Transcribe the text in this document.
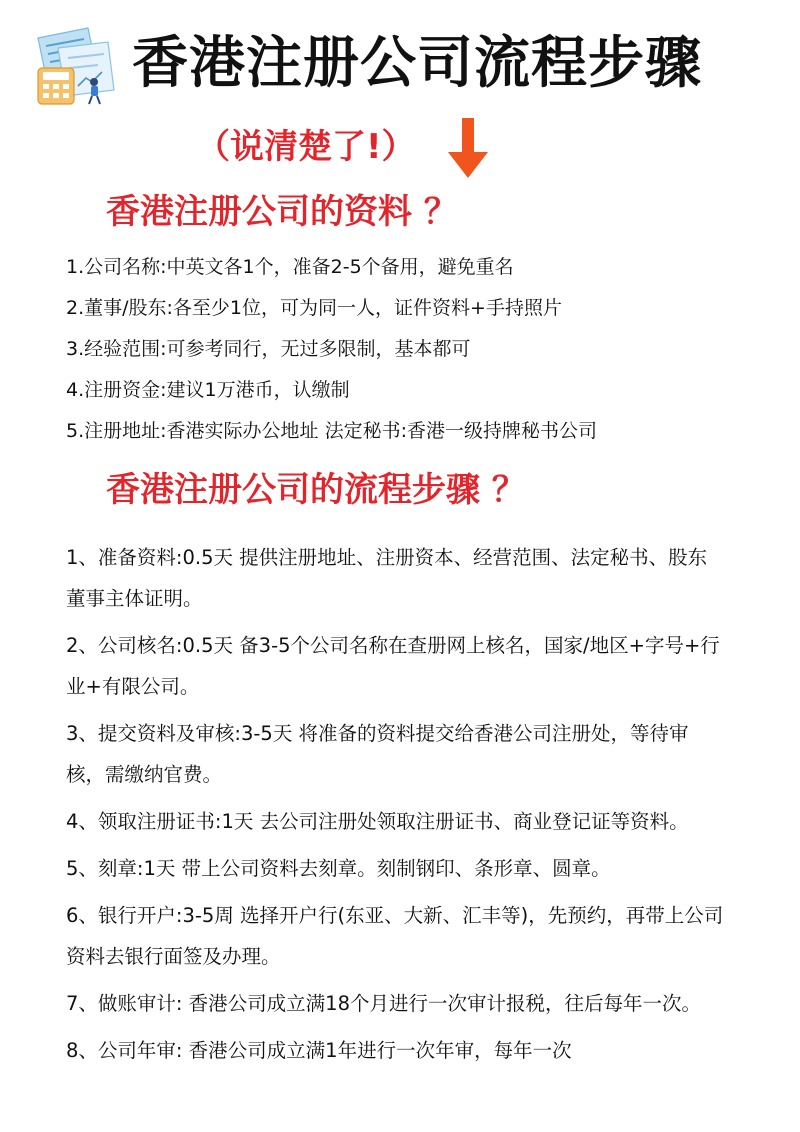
香港注册公司流程步骤

（说清楚了!）

香港注册公司的资料 ？
1.公司名称:中英文各1个，准备2-5个备用，避免重名
2.董事/股东:各至少1位，可为同一人，证件资料+手持照片
3.经验范围:可参考同行，无过多限制，基本都可
4.注册资金:建议1万港币，认缴制
5.注册地址:香港实际办公地址 法定秘书:香港一级持牌秘书公司
香港注册公司的流程步骤 ？
1、准备资料:0.5天 提供注册地址、注册资本、经营范围、法定秘书、股东董事主体证明。
2、公司核名:0.5天 备3-5个公司名称在查册网上核名，国家/地区+字号+行业+有限公司。
3、提交资料及审核:3-5天 将准备的资料提交给香港公司注册处，等待审核，需缴纳官费。
4、领取注册证书:1天 去公司注册处领取注册证书、商业登记证等资料。
5、刻章:1天 带上公司资料去刻章。刻制钢印、条形章、圆章。
6、银行开户:3-5周 选择开户行(东亚、大新、汇丰等)，先预约，再带上公司资料去银行面签及办理。
7、做账审计: 香港公司成立满18个月进行一次审计报税，往后每年一次。
8、公司年审: 香港公司成立满1年进行一次年审，每年一次
